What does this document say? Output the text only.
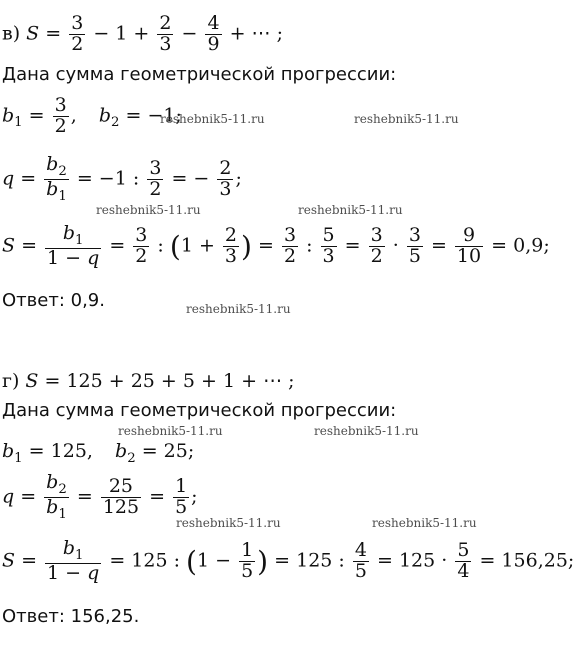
в) $S = \frac{3}{2} - 1 + \frac{2}{3} - \frac{4}{9}$ + ⋯ ;
Дана сумма геометрической прогрессии:
$b_1 = \frac{3}{2}$ ,  $b_2 = -1$;
$q = \frac{b_2}{b_1} = -1$ : $\frac{3}{2}$ = − $\frac{2}{3}$ ;
$S = \frac{b_1}{1 - q} = \frac{3}{2}$ : ($1 + \frac{2}{3}$ ) = $\frac{3}{2}$ : $\frac{5}{3} = \frac{3}{2} \cdot \frac{3}{5} = \frac{9}{10} = 0,9$;
Ответ: 0,9.
г) S = 125 + 25 + 5 + 1 + ⋯ ;
Дана сумма геометрической прогрессии:
$b_1 = 125$,  $b_2 = 25$;
$q = \frac{b_2}{b_1} = \frac{25}{125} = \frac{1}{5}$ ;
$S = \frac{b_1}{1 - q} = 125$ : ($1 - \frac{1}{5}$ ) = 125 : $\frac{4}{5} = 125 \cdot \frac{5}{4} = 156,25$;
Ответ: 156,25.
reshebnik5-11.ru	reshebnik5-11.ru
reshebnik5-11.ru	reshebnik5-11.ru
reshebnik5-11.ru
reshebnik5-11.ru	reshebnik5-11.ru
reshebnik5-11.ru	reshebnik5-11.ru
